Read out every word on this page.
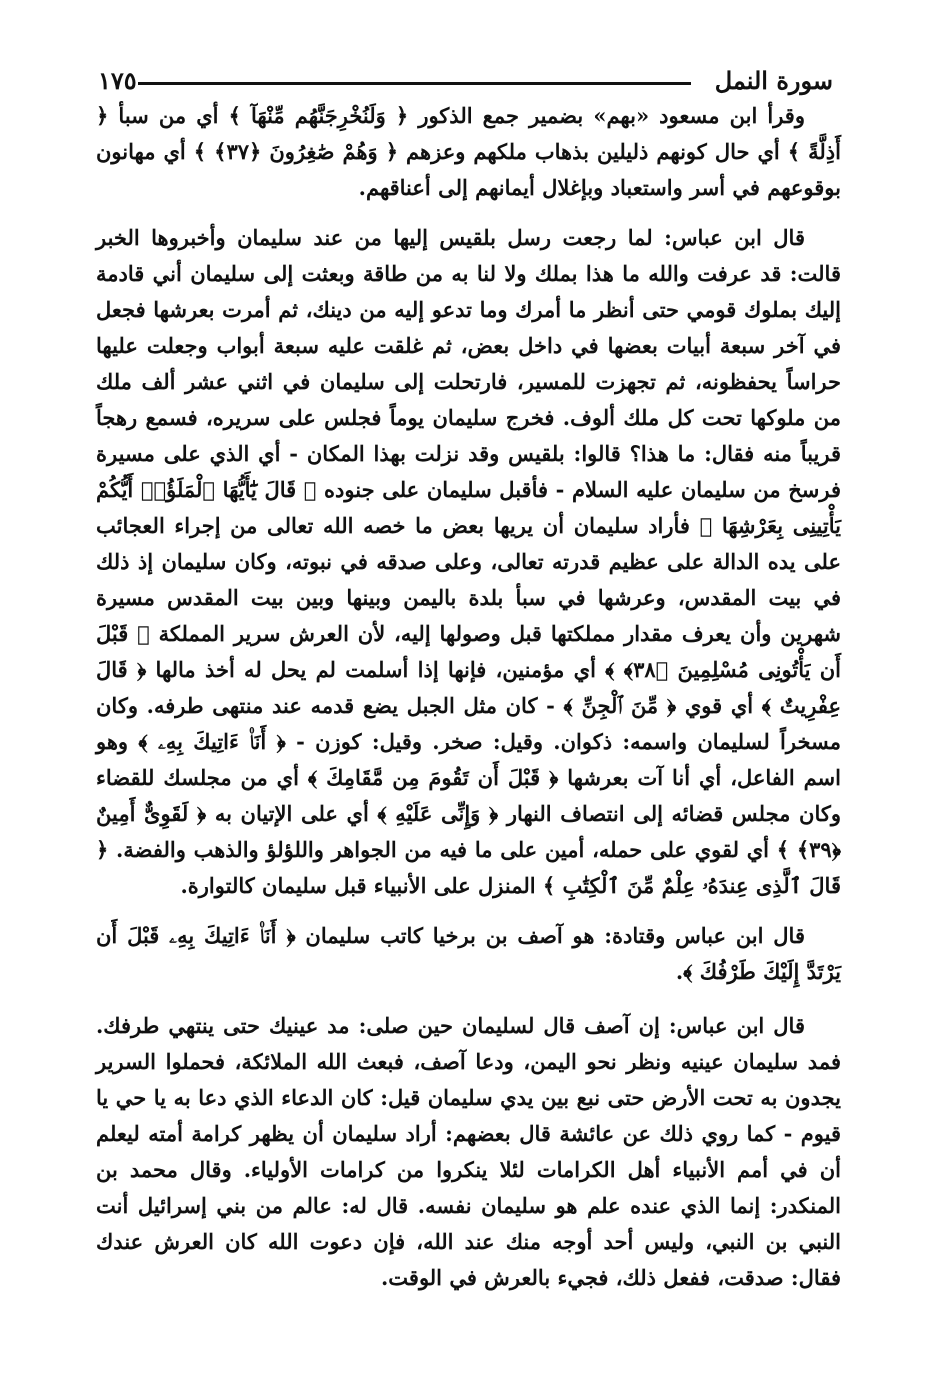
سورة النمل
١٧٥

وقرأ ابن مسعود «بهم» بضمير جمع الذكور ﴿ وَلَنُخْرِجَنَّهُم مِّنْهَآ ﴾ أي من سبأ ﴿ أَذِلَّةً ﴾ أي حال كونهم ذليلين بذهاب ملكهم وعزهم ﴿ وَهُمْ صَٰغِرُونَ ﴿٣٧﴾ ﴾ أي مهانون بوقوعهم في أسر واستعباد وبإغلال أيمانهم إلى أعناقهم.

قال ابن عباس: لما رجعت رسل بلقيس إليها من عند سليمان وأخبروها الخبر قالت: قد عرفت والله ما هذا بملك ولا لنا به من طاقة وبعثت إلى سليمان أني قادمة إليك بملوك قومي حتى أنظر ما أمرك وما تدعو إليه من دينك، ثم أمرت بعرشها فجعل في آخر سبعة أبيات بعضها في داخل بعض، ثم غلقت عليه سبعة أبواب وجعلت عليها حراساً يحفظونه، ثم تجهزت للمسير، فارتحلت إلى سليمان في اثني عشر ألف ملك من ملوكها تحت كل ملك ألوف. فخرج سليمان يوماً فجلس على سريره، فسمع رهجاً قريباً منه فقال: ما هذا؟ قالوا: بلقيس وقد نزلت بهذا المكان - أي الذي على مسيرة فرسخ من سليمان عليه السلام - فأقبل سليمان على جنوده ﴿ قَالَ يَٰٓأَيُّهَا ٱلْمَلَؤُا۟ أَيُّكُمْ يَأْتِينِى بِعَرْشِهَا ﴾ فأراد سليمان أن يريها بعض ما خصه الله تعالى من إجراء العجائب على يده الدالة على عظيم قدرته تعالى، وعلى صدقه في نبوته، وكان سليمان إذ ذلك في بيت المقدس، وعرشها في سبأ بلدة باليمن وبينها وبين بيت المقدس مسيرة شهرين وأن يعرف مقدار مملكتها قبل وصولها إليه، لأن العرش سرير المملكة ﴿ قَبْلَ أَن يَأْتُونِى مُسْلِمِينَ ﴿٣٨﴾ ﴾ أي مؤمنين، فإنها إذا أسلمت لم يحل له أخذ مالها ﴿ قَالَ عِفْرِيتٌ ﴾ أي قوي ﴿ مِّنَ ٱلْجِنِّ ﴾ - كان مثل الجبل يضع قدمه عند منتهى طرفه. وكان مسخراً لسليمان واسمه: ذكوان. وقيل: صخر. وقيل: كوزن - ﴿ أَنَا۠ ءَاتِيكَ بِهِۦ ﴾ وهو اسم الفاعل، أي أنا آت بعرشها ﴿ قَبْلَ أَن تَقُومَ مِن مَّقَامِكَ ﴾ أي من مجلسك للقضاء وكان مجلس قضائه إلى انتصاف النهار ﴿ وَإِنِّى عَلَيْهِ ﴾ أي على الإتيان به ﴿ لَقَوِىٌّ أَمِينٌ ﴿٣٩﴾ ﴾ أي لقوي على حمله، أمين على ما فيه من الجواهر واللؤلؤ والذهب والفضة. ﴿ قَالَ ٱلَّذِى عِندَهُۥ عِلْمٌ مِّنَ ٱلْكِتَٰبِ ﴾ المنزل على الأنبياء قبل سليمان كالتوارة.

قال ابن عباس وقتادة: هو آصف بن برخيا كاتب سليمان ﴿ أَنَا۠ ءَاتِيكَ بِهِۦ قَبْلَ أَن يَرْتَدَّ إِلَيْكَ طَرْفُكَ ﴾.

قال ابن عباس: إن آصف قال لسليمان حين صلى: مد عينيك حتى ينتهي طرفك. فمد سليمان عينيه ونظر نحو اليمن، ودعا آصف، فبعث الله الملائكة، فحملوا السرير يجدون به تحت الأرض حتى نبع بين يدي سليمان قيل: كان الدعاء الذي دعا به يا حي يا قيوم - كما روي ذلك عن عائشة قال بعضهم: أراد سليمان أن يظهر كرامة أمته ليعلم أن في أمم الأنبياء أهل الكرامات لئلا ينكروا من كرامات الأولياء. وقال محمد بن المنكدر: إنما الذي عنده علم هو سليمان نفسه. قال له: عالم من بني إسرائيل أنت النبي بن النبي، وليس أحد أوجه منك عند الله، فإن دعوت الله كان العرش عندك فقال: صدقت، ففعل ذلك، فجيء بالعرش في الوقت.
